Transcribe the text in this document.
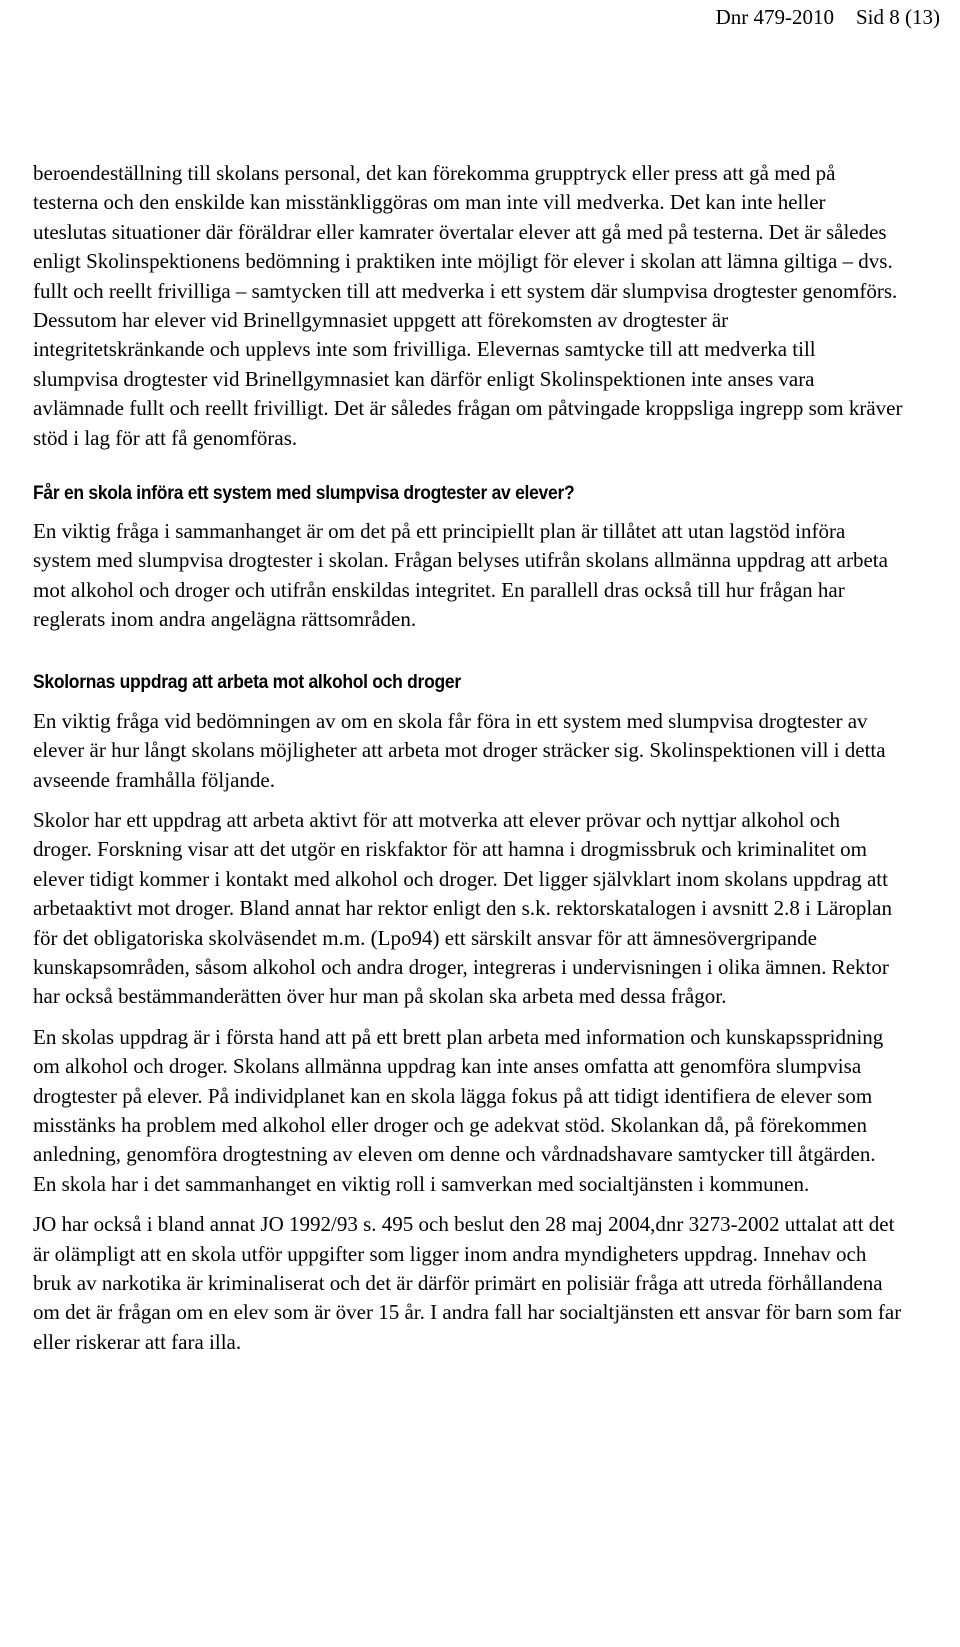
Dnr 479-2010 Sid 8 (13)

beroendeställning till skolans personal, det kan förekomma grupptryck eller press att gå med på testerna och den enskilde kan misstänkliggöras om man inte vill medverka. Det kan inte heller uteslutas situationer där föräldrar eller kamrater övertalar elever att gå med på testerna. Det är således enligt Skolinspektionens bedömning i praktiken inte möjligt för elever i skolan att lämna giltiga – dvs. fullt och reellt frivilliga – samtycken till att medverka i ett system där slumpvisa drogtester genomförs. Dessutom har elever vid Brinellgymnasiet uppgett att förekomsten av drogtester är integritetskränkande och upplevs inte som frivilliga. Elevernas samtycke till att medverka till slumpvisa drogtester vid Brinellgymnasiet kan därför enligt Skolinspektionen inte anses vara avlämnade fullt och reellt frivilligt. Det är således frågan om påtvingade kroppsliga ingrepp som kräver stöd i lag för att få genomföras.

Får en skola införa ett system med slumpvisa drogtester av elever?

En viktig fråga i sammanhanget är om det på ett principiellt plan är tillåtet att utan lagstöd införa system med slumpvisa drogtester i skolan. Frågan belyses utifrån skolans allmänna uppdrag att arbeta mot alkohol och droger och utifrån enskildas integritet. En parallell dras också till hur frågan har reglerats inom andra angelägna rättsområden.

Skolornas uppdrag att arbeta mot alkohol och droger

En viktig fråga vid bedömningen av om en skola får föra in ett system med slumpvisa drogtester av elever är hur långt skolans möjligheter att arbeta mot droger sträcker sig. Skolinspektionen vill i detta avseende framhålla följande.

Skolor har ett uppdrag att arbeta aktivt för att motverka att elever prövar och nyttjar alkohol och droger. Forskning visar att det utgör en riskfaktor för att hamna i drogmissbruk och kriminalitet om elever tidigt kommer i kontakt med alkohol och droger. Det ligger självklart inom skolans uppdrag att arbetaaktivt mot droger. Bland annat har rektor enligt den s.k. rektorskatalogen i avsnitt 2.8 i Läroplan för det obligatoriska skolväsendet m.m. (Lpo94) ett särskilt ansvar för att ämnesövergripande kunskapsområden, såsom alkohol och andra droger, integreras i undervisningen i olika ämnen. Rektor har också bestämmanderätten över hur man på skolan ska arbeta med dessa frågor.

En skolas uppdrag är i första hand att på ett brett plan arbeta med information och kunskapsspridning om alkohol och droger. Skolans allmänna uppdrag kan inte anses omfatta att genomföra slumpvisa drogtester på elever. På individplanet kan en skola lägga fokus på att tidigt identifiera de elever som misstänks ha problem med alkohol eller droger och ge adekvat stöd. Skolankan då, på förekommen anledning, genomföra drogtestning av eleven om denne och vårdnadshavare samtycker till åtgärden. En skola har i det sammanhanget en viktig roll i samverkan med socialtjänsten i kommunen.

JO har också i bland annat JO 1992/93 s. 495 och beslut den 28 maj 2004,dnr 3273-2002 uttalat att det är olämpligt att en skola utför uppgifter som ligger inom andra myndigheters uppdrag. Innehav och bruk av narkotika är kriminaliserat och det är därför primärt en polisiär fråga att utreda förhållandena om det är frågan om en elev som är över 15 år. I andra fall har socialtjänsten ett ansvar för barn som far eller riskerar att fara illa.
